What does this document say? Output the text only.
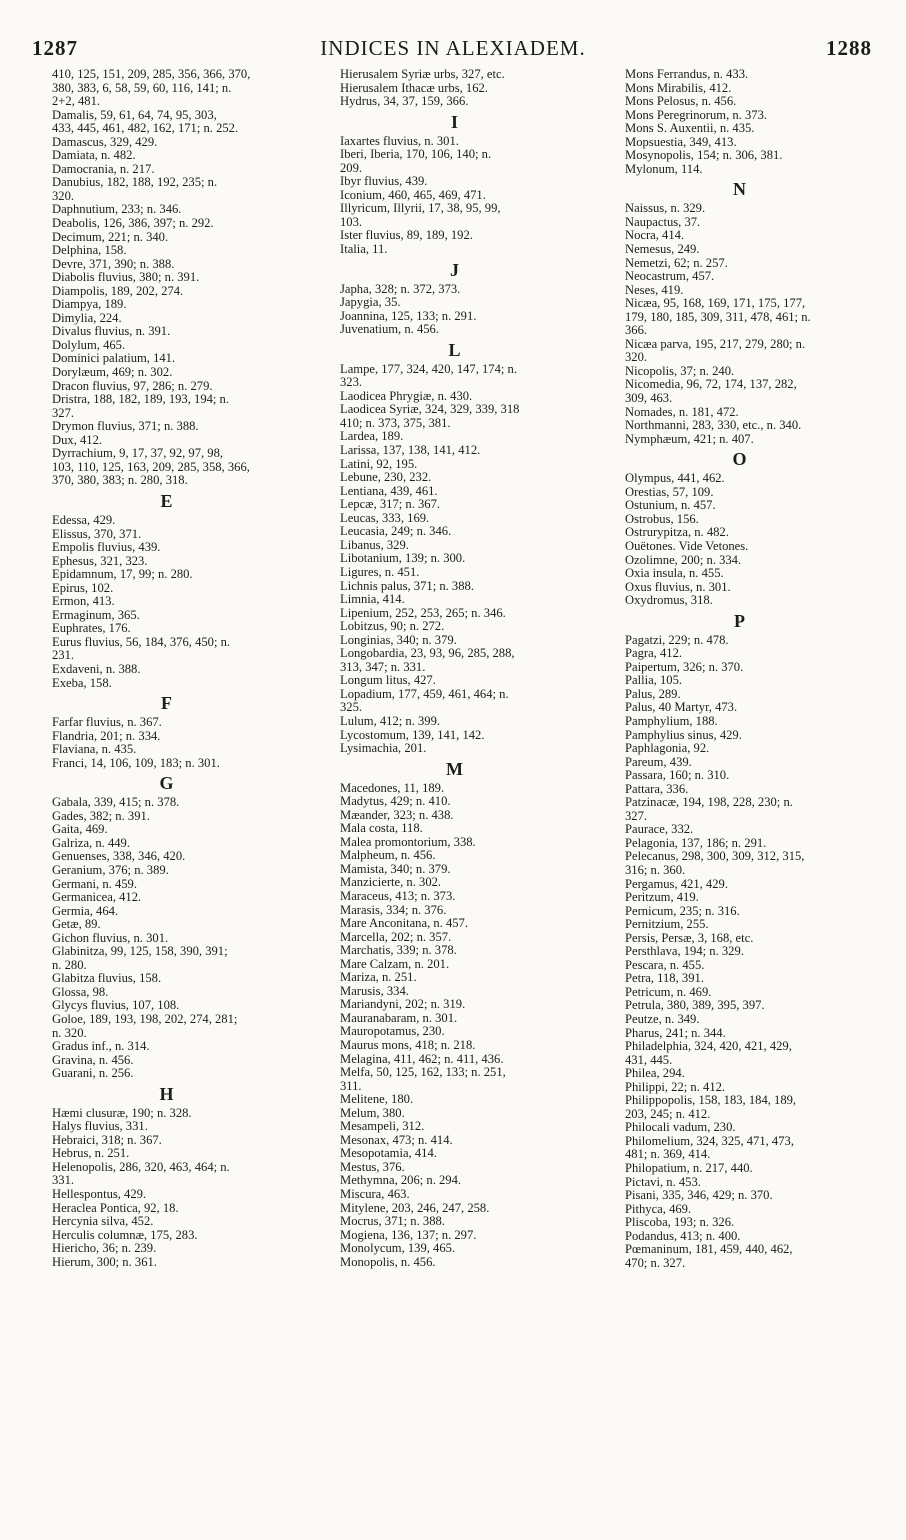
1287	INDICES IN ALEXIADEM.	1288

410, 125, 151, 209, 285, 356, 366, 370,

380, 383, 6, 58, 59, 60, 116, 141; n.

2+2, 481.

Damalis, 59, 61, 64, 74, 95, 303,

433, 445, 461, 482, 162, 171; n. 252.

Damascus, 329, 429.

Damiata, n. 482.

Damocrania, n. 217.

Danubius, 182, 188, 192, 235; n.

320.

Daphnutium, 233; n. 346.

Deabolis, 126, 386, 397; n. 292.

Decimum, 221; n. 340.

Delphina, 158.

Devre, 371, 390; n. 388.

Diabolis fluvius, 380; n. 391.

Diampolis, 189, 202, 274.

Diampya, 189.

Dimylia, 224.

Divalus fluvius, n. 391.

Dolylum, 465.

Dominici palatium, 141.

Dorylæum, 469; n. 302.

Dracon fluvius, 97, 286; n. 279.

Dristra, 188, 182, 189, 193, 194; n.

327.

Drymon fluvius, 371; n. 388.

Dux, 412.

Dyrrachium, 9, 17, 37, 92, 97, 98,

103, 110, 125, 163, 209, 285, 358, 366,

370, 380, 383; n. 280, 318.

E

Edessa, 429.

Elissus, 370, 371.

Empolis fluvius, 439.

Ephesus, 321, 323.

Epidamnum, 17, 99; n. 280.

Epirus, 102.

Ermon, 413.

Ermaginum, 365.

Euphrates, 176.

Eurus fluvius, 56, 184, 376, 450; n.

231.

Exdaveni, n. 388.

Exeba, 158.

F

Farfar fluvius, n. 367.

Flandria, 201; n. 334.

Flaviana, n. 435.

Franci, 14, 106, 109, 183; n. 301.

G

Gabala, 339, 415; n. 378.

Gades, 382; n. 391.

Gaita, 469.

Galriza, n. 449.

Genuenses, 338, 346, 420.

Geranium, 376; n. 389.

Germani, n. 459.

Germanicea, 412.

Germia, 464.

Getæ, 89.

Gichon fluvius, n. 301.

Glabinitza, 99, 125, 158, 390, 391;

n. 280.

Glabitza fluvius, 158.

Glossa, 98.

Glycys fluvius, 107, 108.

Goloe, 189, 193, 198, 202, 274, 281;

n. 320.

Gradus inf., n. 314.

Gravina, n. 456.

Guarani, n. 256.

H

Hæmi clusuræ, 190; n. 328.

Halys fluvius, 331.

Hebraici, 318; n. 367.

Hebrus, n. 251.

Helenopolis, 286, 320, 463, 464; n.

331.

Hellespontus, 429.

Heraclea Pontica, 92, 18.

Hercynia silva, 452.

Herculis columnæ, 175, 283.

Hiericho, 36; n. 239.

Hierum, 300; n. 361.

Hierusalem Syriæ urbs, 327, etc.

Hierusalem Ithacæ urbs, 162.

Hydrus, 34, 37, 159, 366.

I

Iaxartes fluvius, n. 301.

Iberi, Iberia, 170, 106, 140; n.

209.

Ibyr fluvius, 439.

Iconium, 460, 465, 469, 471.

Illyricum, Illyrii, 17, 38, 95, 99,

103.

Ister fluvius, 89, 189, 192.

Italia, 11.

J

Japha, 328; n. 372, 373.

Japygia, 35.

Joannina, 125, 133; n. 291.

Juvenatium, n. 456.

L

Lampe, 177, 324, 420, 147, 174; n.

323.

Laodicea Phrygiæ, n. 430.

Laodicea Syriæ, 324, 329, 339, 318

410; n. 373, 375, 381.

Lardea, 189.

Larissa, 137, 138, 141, 412.

Latini, 92, 195.

Lebune, 230, 232.

Lentiana, 439, 461.

Lepcæ, 317; n. 367.

Leucas, 333, 169.

Leucasia, 249; n. 346.

Libanus, 329.

Libotanium, 139; n. 300.

Ligures, n. 451.

Lichnis palus, 371; n. 388.

Limnia, 414.

Lipenium, 252, 253, 265; n. 346.

Lobitzus, 90; n. 272.

Longinias, 340; n. 379.

Longobardia, 23, 93, 96, 285, 288,

313, 347; n. 331.

Longum litus, 427.

Lopadium, 177, 459, 461, 464; n.

325.

Lulum, 412; n. 399.

Lycostomum, 139, 141, 142.

Lysimachia, 201.

M

Macedones, 11, 189.

Madytus, 429; n. 410.

Mæander, 323; n. 438.

Mala costa, 118.

Malea promontorium, 338.

Malpheum, n. 456.

Mamista, 340; n. 379.

Manzicierte, n. 302.

Maraceus, 413; n. 373.

Marasis, 334; n. 376.

Mare Anconitana, n. 457.

Marcella, 202; n. 357.

Marchatis, 339; n. 378.

Mare Calzam, n. 201.

Mariza, n. 251.

Marusis, 334.

Mariandyni, 202; n. 319.

Mauranabaram, n. 301.

Mauropotamus, 230.

Maurus mons, 418; n. 218.

Melagina, 411, 462; n. 411, 436.

Melfa, 50, 125, 162, 133; n. 251,

311.

Melitene, 180.

Melum, 380.

Mesampeli, 312.

Mesonax, 473; n. 414.

Mesopotamia, 414.

Mestus, 376.

Methymna, 206; n. 294.

Miscura, 463.

Mitylene, 203, 246, 247, 258.

Mocrus, 371; n. 388.

Mogiena, 136, 137; n. 297.

Monolycum, 139, 465.

Monopolis, n. 456.

Mons Ferrandus, n. 433.

Mons Mirabilis, 412.

Mons Pelosus, n. 456.

Mons Peregrinorum, n. 373.

Mons S. Auxentii, n. 435.

Mopsuestia, 349, 413.

Mosynopolis, 154; n. 306, 381.

Mylonum, 114.

N

Naissus, n. 329.

Naupactus, 37.

Nocra, 414.

Nemesus, 249.

Nemetzi, 62; n. 257.

Neocastrum, 457.

Neses, 419.

Nicæa, 95, 168, 169, 171, 175, 177,

179, 180, 185, 309, 311, 478, 461; n.

366.

Nicæa parva, 195, 217, 279, 280; n.

320.

Nicopolis, 37; n. 240.

Nicomedia, 96, 72, 174, 137, 282,

309, 463.

Nomades, n. 181, 472.

Northmanni, 283, 330, etc., n. 340.

Nymphæum, 421; n. 407.

O

Olympus, 441, 462.

Orestias, 57, 109.

Ostunium, n. 457.

Ostrobus, 156.

Ostrurypitza, n. 482.

Ouëtones. Vide Vetones.

Ozolimne, 200; n. 334.

Oxia insula, n. 455.

Oxus fluvius, n. 301.

Oxydromus, 318.

P

Pagatzi, 229; n. 478.

Pagra, 412.

Paipertum, 326; n. 370.

Pallia, 105.

Palus, 289.

Palus, 40 Martyr, 473.

Pamphylium, 188.

Pamphylius sinus, 429.

Paphlagonia, 92.

Pareum, 439.

Passara, 160; n. 310.

Pattara, 336.

Patzinacæ, 194, 198, 228, 230; n.

327.

Paurace, 332.

Pelagonia, 137, 186; n. 291.

Pelecanus, 298, 300, 309, 312, 315,

316; n. 360.

Pergamus, 421, 429.

Peritzum, 419.

Pernicum, 235; n. 316.

Pernitzium, 255.

Persis, Persæ, 3, 168, etc.

Persthlava, 194; n. 329.

Pescara, n. 455.

Petra, 118, 391.

Petricum, n. 469.

Petrula, 380, 389, 395, 397.

Peutze, n. 349.

Pharus, 241; n. 344.

Philadelphia, 324, 420, 421, 429,

431, 445.

Philea, 294.

Philippi, 22; n. 412.

Philippopolis, 158, 183, 184, 189,

203, 245; n. 412.

Philocali vadum, 230.

Philomelium, 324, 325, 471, 473,

481; n. 369, 414.

Philopatium, n. 217, 440.

Pictavi, n. 453.

Pisani, 335, 346, 429; n. 370.

Pithyca, 469.

Pliscoba, 193; n. 326.

Podandus, 413; n. 400.

Pœmaninum, 181, 459, 440, 462,

470; n. 327.
